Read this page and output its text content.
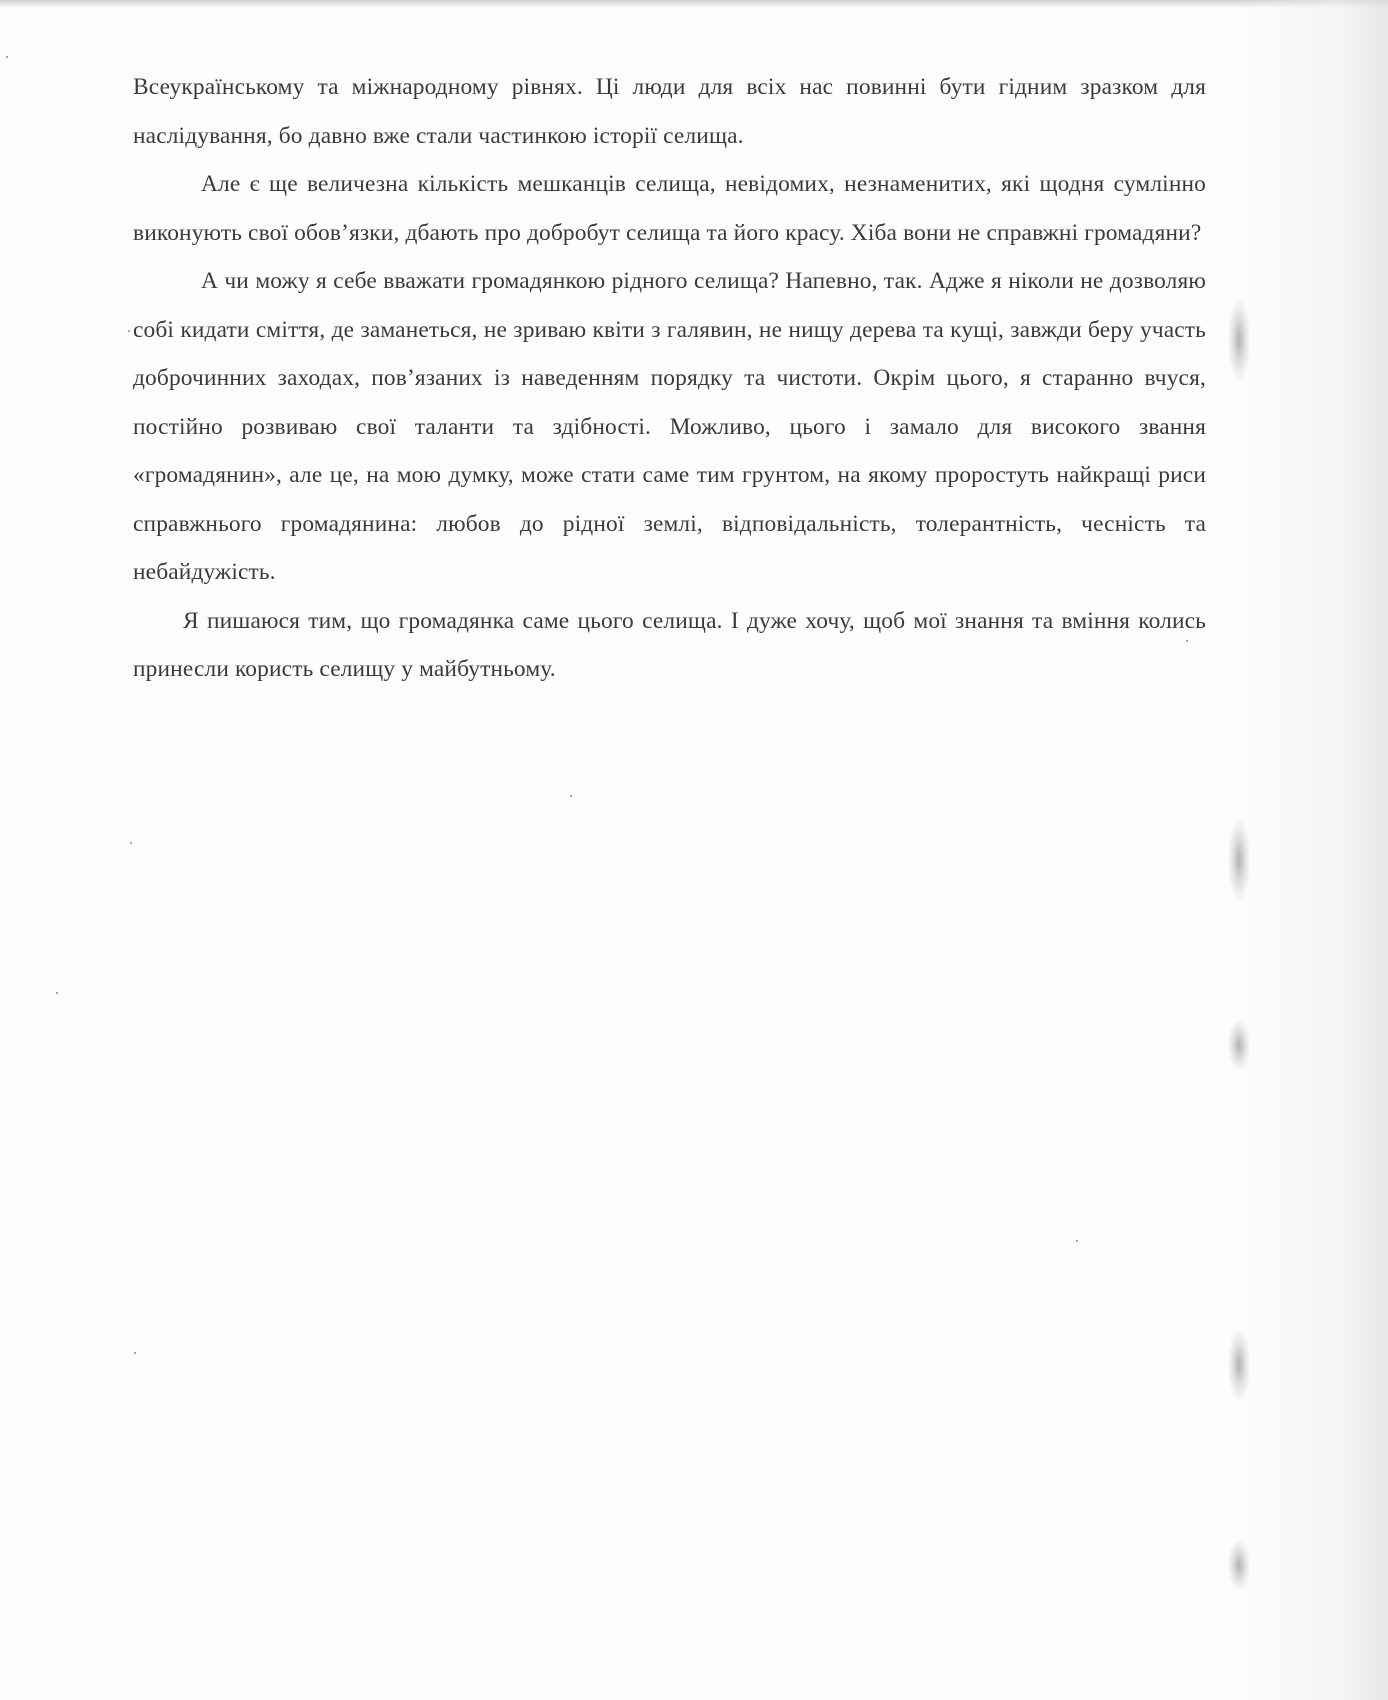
Всеукраїнському та міжнародному рівнях. Ці люди для всіх нас повинні бути гідним зразком для наслідування, бо давно вже стали частинкою історії селища.

Але є ще величезна кількість мешканців селища, невідомих, незнаменитих, які щодня сумлінно виконують свої обов’язки, дбають про добробут селища та його красу. Хіба вони не справжні громадяни?

А чи можу я себе вважати громадянкою рідного селища? Напевно, так. Адже я ніколи не дозволяю собі кидати сміття, де заманеться, не зриваю квіти з галявин, не нищу дерева та кущі, завжди беру участь доброчинних заходах, пов’язаних із наведенням порядку та чистоти. Окрім цього, я старанно вчуся, постійно розвиваю свої таланти та здібності. Можливо, цього і замало для високого звання «громадянин», але це, на мою думку, може стати саме тим грунтом, на якому проростуть найкращі риси справжнього громадянина: любов до рідної землі, відповідальність, толерантність, чесність та небайдужість.

Я пишаюся тим, що громадянка саме цього селища. І дуже хочу, щоб мої знання та вміння колись принесли користь селищу у майбутньому.
